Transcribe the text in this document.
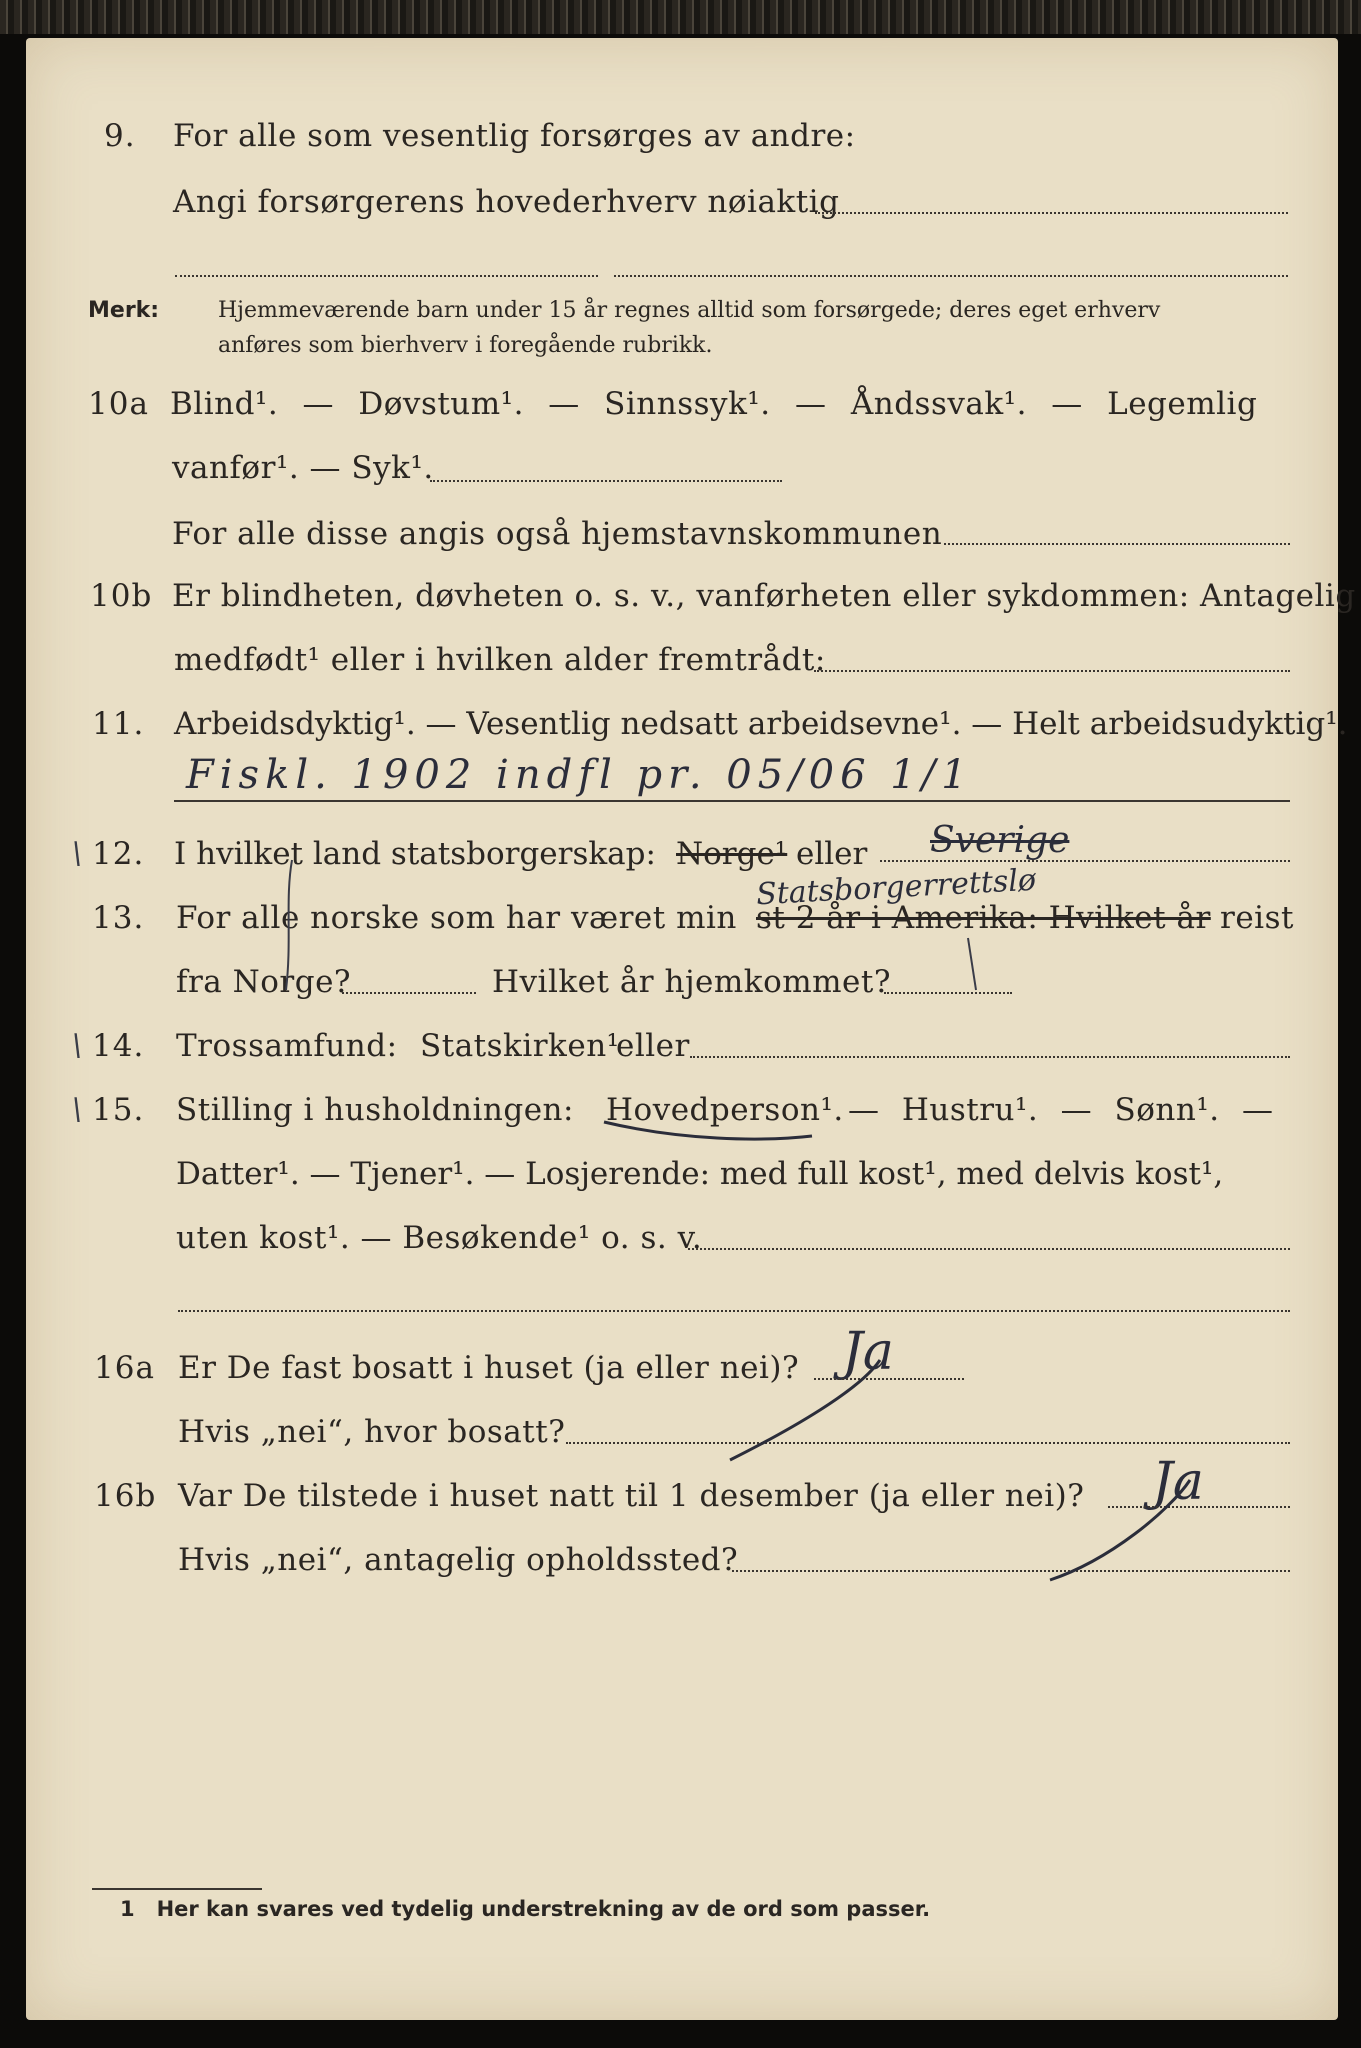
9. For alle som vesentlig forsørges av andre:
Angi forsørgerens hovederhverv nøiaktig
Merk:	Hjemmeværende barn under 15 år regnes alltid som forsørgede; deres eget erhverv
anføres som bierhverv i foregående rubrikk.
10a Blind¹. — Døvstum¹. — Sinnssyk¹. — Åndssvak¹. — Legemlig
vanfør¹. — Syk¹.
For alle disse angis også hjemstavnskommunen
10b Er blindheten, døvheten o. s. v., vanførheten eller sykdommen: Antagelig
medfødt¹ eller i hvilken alder fremtrådt:
11. Arbeidsdyktig¹. — Vesentlig nedsatt arbeidsevne¹. — Helt arbeidsudyktig¹.
Fiskl. 1902 indfl pr. 05/06 1/1
\ 12. I hvilket land statsborgerskap: Norge¹ eller Sverige
Statsborgerrettslø
13. For alle norske som har været min st 2 år i Amerika: Hvilket år reist
fra Norge?	Hvilket år hjemkommet?
\ 14. Trossamfund: Statskirken¹
eller
\ 15. Stilling i husholdningen: Hovedperson¹. — Hustru¹. — Sønn¹. —
Datter¹. — Tjener¹. — Losjerende: med full kost¹, med delvis kost¹,
uten kost¹. — Besøkende¹ o. s. v.
16a Er De fast bosatt i huset (ja eller nei)? Ja
Hvis „nei“, hvor bosatt?
16b Var De tilstede i huset natt til 1 desember (ja eller nei)? Ja
Hvis „nei“, antagelig opholdssted?
1 Her kan svares ved tydelig understrekning av de ord som passer.
